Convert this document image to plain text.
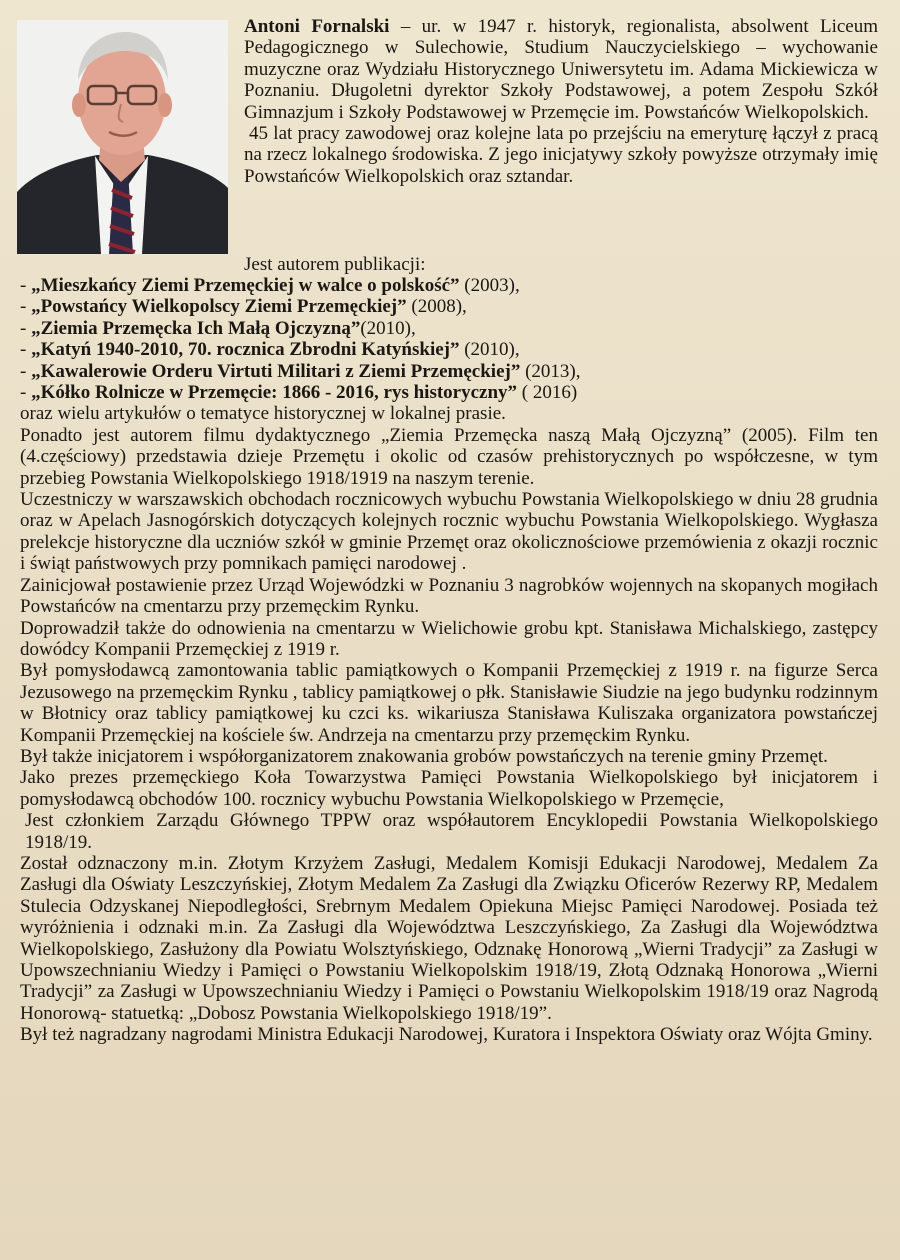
Antoni Fornalski – ur. w 1947 r. historyk, regionalista, absolwent Liceum Pedagogicznego w Sulechowie, Studium Nauczycielskiego – wychowanie muzyczne oraz Wydziału Historycznego Uniwersytetu im. Adama Mickiewicza w Poznaniu. Długoletni dyrektor Szkoły Podstawowej, a potem Zespołu Szkół Gimnazjum i Szkoły Podstawowej w Przemęcie im. Powstańców Wielkopolskich.

45 lat pracy zawodowej oraz kolejne lata po przejściu na emeryturę łączył z pracą na rzecz lokalnego środowiska. Z jego inicjatywy szkoły powyższe otrzymały imię Powstańców Wielkopolskich oraz sztandar.

Jest autorem publikacji:
- „Mieszkańcy Ziemi Przemęckiej w walce o polskość” (2003),
- „Powstańcy Wielkopolscy Ziemi Przemęckiej” (2008),
- „Ziemia Przemęcka Ich Małą Ojczyzną”(2010),
- „Katyń 1940-2010, 70. rocznica Zbrodni Katyńskiej” (2010),
- „Kawalerowie Orderu Virtuti Militari z Ziemi Przemęckiej” (2013),
- „Kółko Rolnicze w Przemęcie: 1866 - 2016, rys historyczny” ( 2016)

oraz wielu artykułów o tematyce historycznej w lokalnej prasie.

Ponadto jest autorem filmu dydaktycznego „Ziemia Przemęcka naszą Małą Ojczyzną” (2005). Film ten (4.częściowy) przedstawia dzieje Przemętu i okolic od czasów prehistorycznych po współczesne, w tym przebieg Powstania Wielkopolskiego 1918/1919 na naszym terenie.

Uczestniczy w warszawskich obchodach rocznicowych wybuchu Powstania Wielkopolskiego w dniu 28 grudnia oraz w Apelach Jasnogórskich dotyczących kolejnych rocznic wybuchu Powstania Wielkopolskiego. Wygłasza prelekcje historyczne dla uczniów szkół w gminie Przemęt oraz okolicznościowe przemówienia z okazji rocznic i świąt państwowych przy pomnikach pamięci narodowej .

Zainicjował postawienie przez Urząd Wojewódzki w Poznaniu 3 nagrobków wojennych na skopanych mogiłach Powstańców na cmentarzu przy przemęckim Rynku.

Doprowadził także do odnowienia na cmentarzu w Wielichowie grobu kpt. Stanisława Michalskiego, zastępcy dowódcy Kompanii Przemęckiej z 1919 r.

Był pomysłodawcą zamontowania tablic pamiątkowych o Kompanii Przemęckiej z 1919 r. na figurze Serca Jezusowego na przemęckim Rynku , tablicy pamiątkowej o płk. Stanisławie Siudzie na jego budynku rodzinnym w Błotnicy oraz tablicy pamiątkowej ku czci ks. wikariusza Stanisława Kuliszaka organizatora powstańczej Kompanii Przemęckiej na kościele św. Andrzeja na cmentarzu przy przemęckim Rynku.

Był także inicjatorem i współorganizatorem znakowania grobów powstańczych na terenie gminy Przemęt.

Jako prezes przemęckiego Koła Towarzystwa Pamięci Powstania Wielkopolskiego był inicjatorem i pomysłodawcą obchodów 100. rocznicy wybuchu Powstania Wielkopolskiego w Przemęcie,

Jest członkiem Zarządu Głównego TPPW oraz współautorem Encyklopedii Powstania Wielkopolskiego 1918/19.

Został odznaczony m.in. Złotym Krzyżem Zasługi, Medalem Komisji Edukacji Narodowej, Medalem Za Zasługi dla Oświaty Leszczyńskiej, Złotym Medalem Za Zasługi dla Związku Oficerów Rezerwy RP, Medalem Stulecia Odzyskanej Niepodległości, Srebrnym Medalem Opiekuna Miejsc Pamięci Narodowej. Posiada też wyróżnienia i odznaki m.in. Za Zasługi dla Województwa Leszczyńskiego, Za Zasługi dla Województwa Wielkopolskiego, Zasłużony dla Powiatu Wolsztyńskiego, Odznakę Honorową „Wierni Tradycji” za Zasługi w Upowszechnianiu Wiedzy i Pamięci o Powstaniu Wielkopolskim 1918/19, Złotą Odznaką Honorowa „Wierni Tradycji” za Zasługi w Upowszechnianiu Wiedzy i Pamięci o Powstaniu Wielkopolskim 1918/19 oraz Nagrodą Honorową- statuetką: „Dobosz Powstania Wielkopolskiego 1918/19”.

Był też nagradzany nagrodami Ministra Edukacji Narodowej, Kuratora i Inspektora Oświaty oraz Wójta Gminy.
